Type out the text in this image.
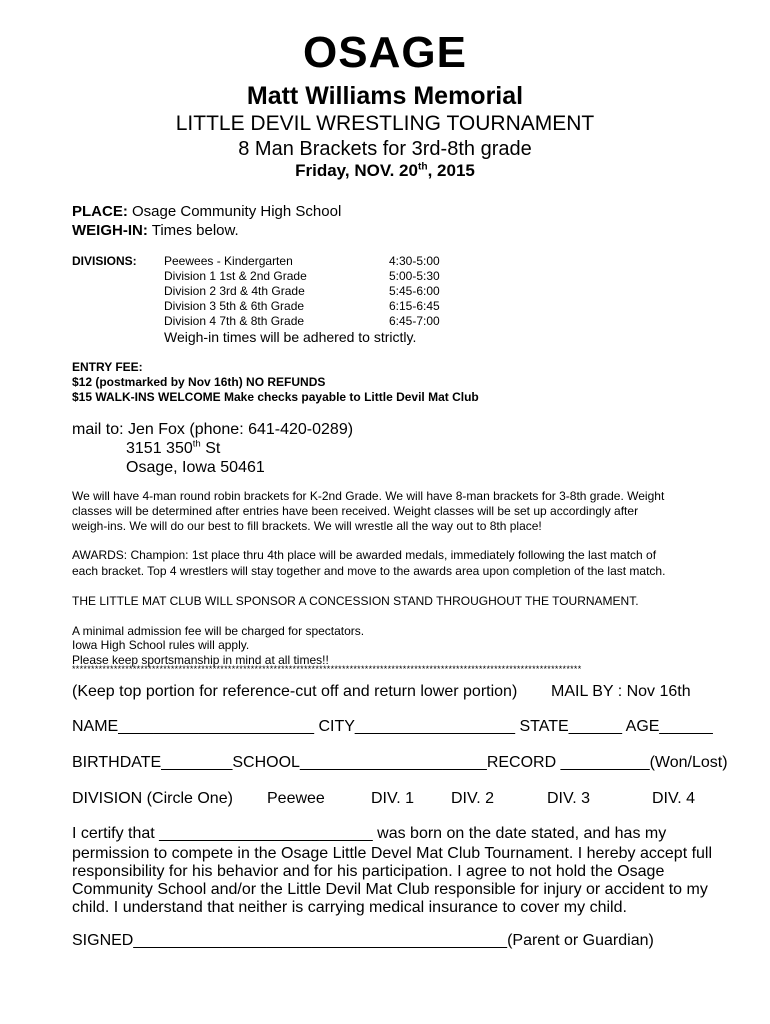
OSAGE
Matt Williams Memorial
LITTLE DEVIL WRESTLING TOURNAMENT
8 Man Brackets for 3rd-8th grade
Friday, NOV. 20th, 2015
PLACE: Osage Community High School
WEIGH-IN: Times below.
DIVISIONS: Peewees - Kindergarten	4:30-5:00
Division 1 1st & 2nd Grade	5:00-5:30
Division 2 3rd & 4th Grade	5:45-6:00
Division 3 5th & 6th Grade	6:15-6:45
Division 4 7th & 8th Grade	6:45-7:00
Weigh-in times will be adhered to strictly.
ENTRY FEE:
$12 (postmarked by Nov 16th) NO REFUNDS
$15 WALK-INS WELCOME Make checks payable to Little Devil Mat Club
mail to: Jen Fox (phone: 641-420-0289)
3151 350th St
Osage, Iowa 50461
We will have 4-man round robin brackets for K-2nd Grade. We will have 8-man brackets for 3-8th grade. Weight
classes will be determined after entries have been received. Weight classes will be set up accordingly after
weigh-ins. We will do our best to fill brackets. We will wrestle all the way out to 8th place!
AWARDS: Champion: 1st place thru 4th place will be awarded medals, immediately following the last match of
each bracket. Top 4 wrestlers will stay together and move to the awards area upon completion of the last match.
THE LITTLE MAT CLUB WILL SPONSOR A CONCESSION STAND THROUGHOUT THE TOURNAMENT.
A minimal admission fee will be charged for spectators.
Iowa High School rules will apply.
Please keep sportsmanship in mind at all times!!
**************************************************************************************************************************************
(Keep top portion for reference-cut off and return lower portion) MAIL BY : Nov 16th
NAME______________________ CITY__________________ STATE______ AGE______
BIRTHDATE________SCHOOL_____________________RECORD __________(Won/Lost)
DIVISION (Circle One) Peewee	DIV. 1 DIV. 2	DIV. 3	DIV. 4
I certify that ________________________ was born on the date stated, and has my
permission to compete in the Osage Little Devel Mat Club Tournament. I hereby accept full
responsibility for his behavior and for his participation. I agree to not hold the Osage
Community School and/or the Little Devil Mat Club responsible for injury or accident to my
child. I understand that neither is carrying medical insurance to cover my child.
SIGNED__________________________________________(Parent or Guardian)
